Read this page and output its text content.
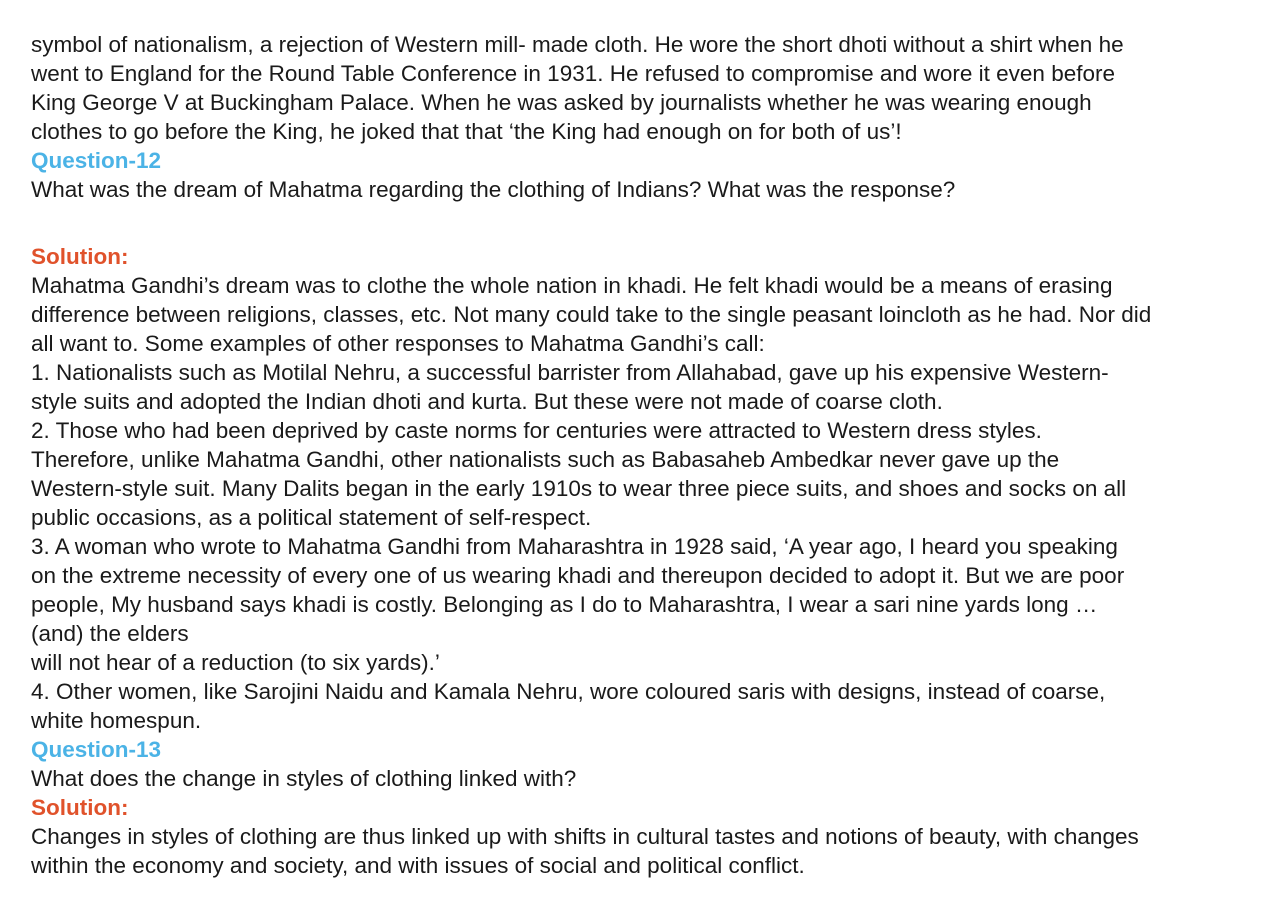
symbol of nationalism, a rejection of Western mill- made cloth. He wore the short dhoti without a shirt when he
went to England for the Round Table Conference in 1931. He refused to compromise and wore it even before
King George V at Buckingham Palace. When he was asked by journalists whether he was wearing enough
clothes to go before the King, he joked that that ‘the King had enough on for both of us’!
Question-12
What was the dream of Mahatma regarding the clothing of Indians? What was the response?
Solution:
Mahatma Gandhi’s dream was to clothe the whole nation in khadi. He felt khadi would be a means of erasing
difference between religions, classes, etc. Not many could take to the single peasant loincloth as he had. Nor did
all want to. Some examples of other responses to Mahatma Gandhi’s call:
1. Nationalists such as Motilal Nehru, a successful barrister from Allahabad, gave up his expensive Western-
style suits and adopted the Indian dhoti and kurta. But these were not made of coarse cloth.
2. Those who had been deprived by caste norms for centuries were attracted to Western dress styles.
Therefore, unlike Mahatma Gandhi, other nationalists such as Babasaheb Ambedkar never gave up the
Western-style suit. Many Dalits began in the early 1910s to wear three piece suits, and shoes and socks on all
public occasions, as a political statement of self-respect.
3. A woman who wrote to Mahatma Gandhi from Maharashtra in 1928 said, ‘A year ago, I heard you speaking
on the extreme necessity of every one of us wearing khadi and thereupon decided to adopt it. But we are poor
people, My husband says khadi is costly. Belonging as I do to Maharashtra, I wear a sari nine yards long …
(and) the elders
will not hear of a reduction (to six yards).’
4. Other women, like Sarojini Naidu and Kamala Nehru, wore coloured saris with designs, instead of coarse,
white homespun.
Question-13
What does the change in styles of clothing linked with?
Solution:
Changes in styles of clothing are thus linked up with shifts in cultural tastes and notions of beauty, with changes
within the economy and society, and with issues of social and political conflict.
